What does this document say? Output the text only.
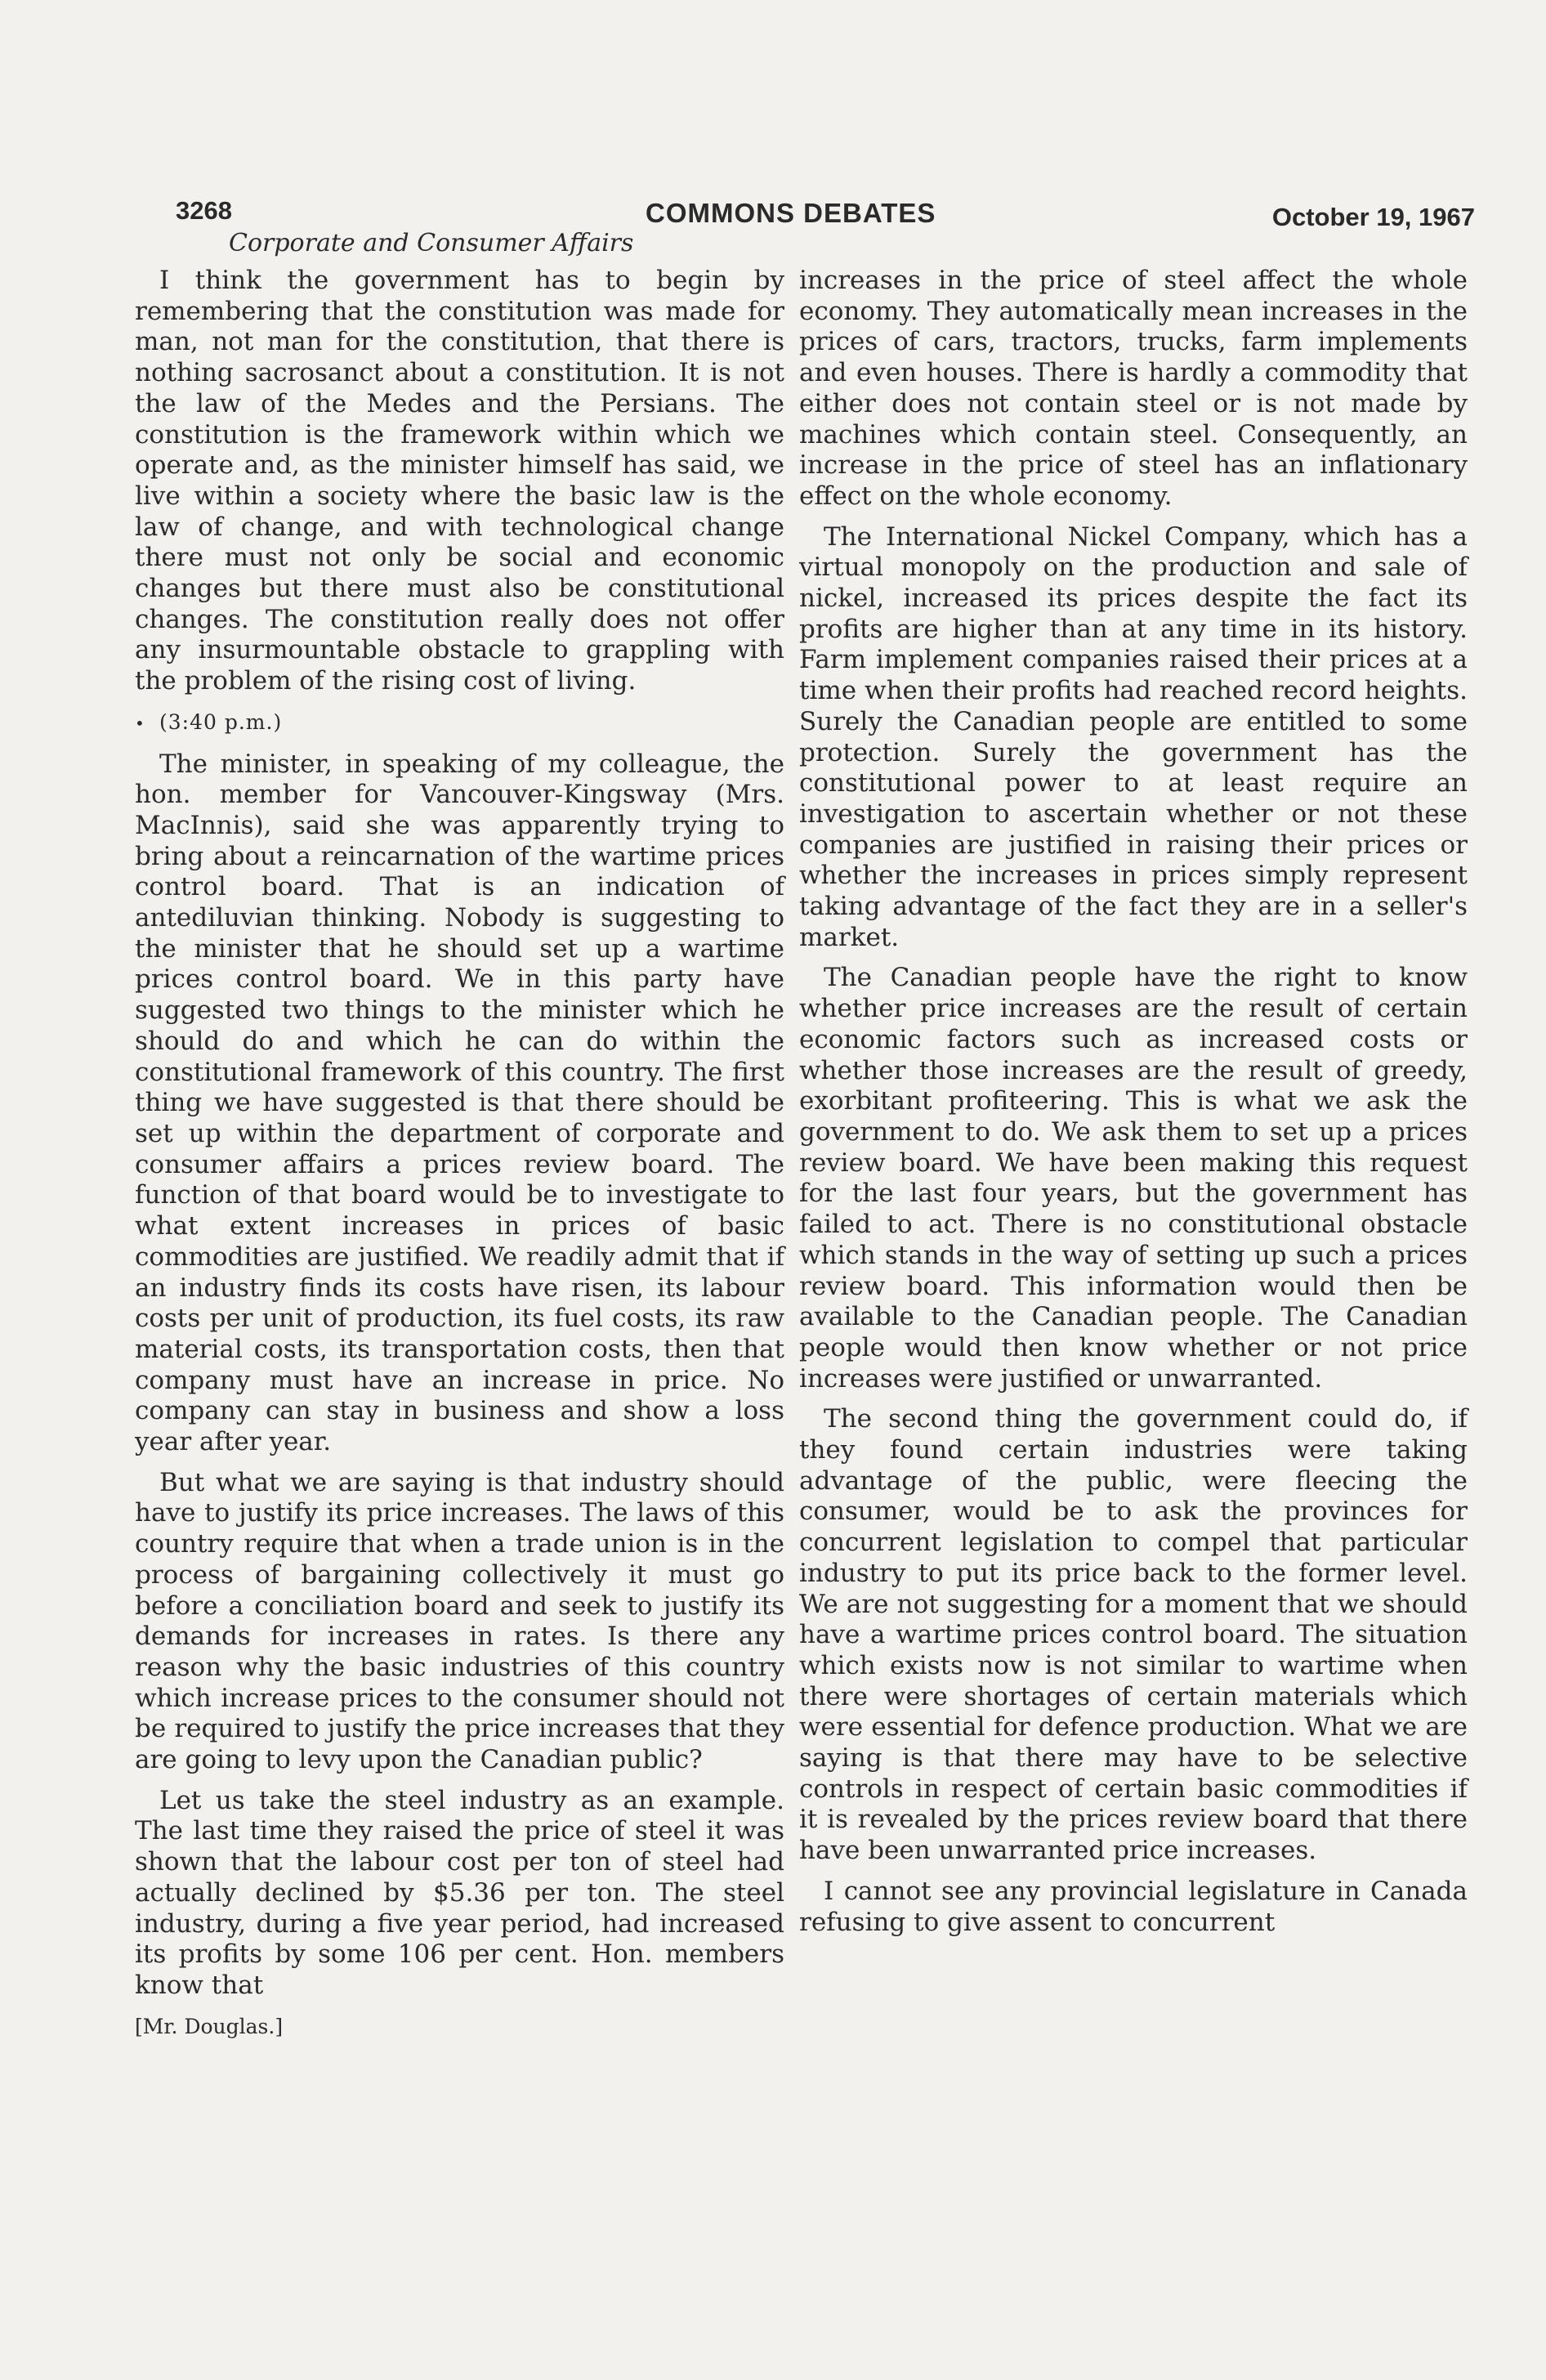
3268	COMMONS DEBATES	October 19, 1967
Corporate and Consumer Affairs

I think the government has to begin by remembering that the constitution was made for man, not man for the constitution, that there is nothing sacrosanct about a constitution. It is not the law of the Medes and the Persians. The constitution is the framework within which we operate and, as the minister himself has said, we live within a society where the basic law is the law of change, and with technological change there must not only be social and economic changes but there must also be constitutional changes. The constitution really does not offer any insurmountable obstacle to grappling with the problem of the rising cost of living.

• (3:40 p.m.)

The minister, in speaking of my colleague, the hon. member for Vancouver-Kingsway (Mrs. MacInnis), said she was apparently trying to bring about a reincarnation of the wartime prices control board. That is an indication of antediluvian thinking. Nobody is suggesting to the minister that he should set up a wartime prices control board. We in this party have suggested two things to the minister which he should do and which he can do within the constitutional framework of this country. The first thing we have suggested is that there should be set up within the department of corporate and consumer affairs a prices review board. The function of that board would be to investigate to what extent increases in prices of basic commodities are justified. We readily admit that if an industry finds its costs have risen, its labour costs per unit of production, its fuel costs, its raw material costs, its transportation costs, then that company must have an increase in price. No company can stay in business and show a loss year after year.

But what we are saying is that industry should have to justify its price increases. The laws of this country require that when a trade union is in the process of bargaining collectively it must go before a conciliation board and seek to justify its demands for increases in rates. Is there any reason why the basic industries of this country which increase prices to the consumer should not be required to justify the price increases that they are going to levy upon the Canadian public?

Let us take the steel industry as an example. The last time they raised the price of steel it was shown that the labour cost per ton of steel had actually declined by $5.36 per ton. The steel industry, during a five year period, had increased its profits by some 106 per cent. Hon. members know that

[Mr. Douglas.]

increases in the price of steel affect the whole economy. They automatically mean increases in the prices of cars, tractors, trucks, farm implements and even houses. There is hardly a commodity that either does not contain steel or is not made by machines which contain steel. Consequently, an increase in the price of steel has an inflationary effect on the whole economy.

The International Nickel Company, which has a virtual monopoly on the production and sale of nickel, increased its prices despite the fact its profits are higher than at any time in its history. Farm implement companies raised their prices at a time when their profits had reached record heights. Surely the Canadian people are entitled to some protection. Surely the government has the constitutional power to at least require an investigation to ascertain whether or not these companies are justified in raising their prices or whether the increases in prices simply represent taking advantage of the fact they are in a seller's market.

The Canadian people have the right to know whether price increases are the result of certain economic factors such as increased costs or whether those increases are the result of greedy, exorbitant profiteering. This is what we ask the government to do. We ask them to set up a prices review board. We have been making this request for the last four years, but the government has failed to act. There is no constitutional obstacle which stands in the way of setting up such a prices review board. This information would then be available to the Canadian people. The Canadian people would then know whether or not price increases were justified or unwarranted.

The second thing the government could do, if they found certain industries were taking advantage of the public, were fleecing the consumer, would be to ask the provinces for concurrent legislation to compel that particular industry to put its price back to the former level. We are not suggesting for a moment that we should have a wartime prices control board. The situation which exists now is not similar to wartime when there were shortages of certain materials which were essential for defence production. What we are saying is that there may have to be selective controls in respect of certain basic commodities if it is revealed by the prices review board that there have been unwarranted price increases.

I cannot see any provincial legislature in Canada refusing to give assent to concurrent
